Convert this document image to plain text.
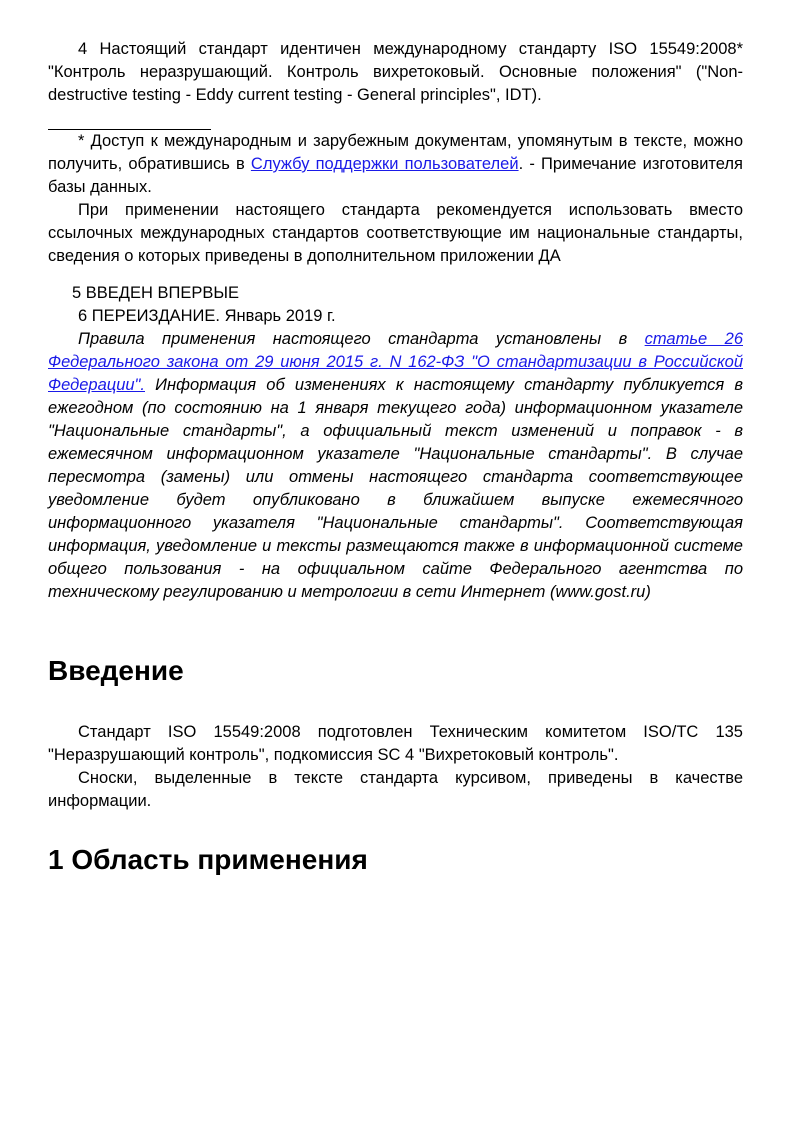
4 Настоящий стандарт идентичен международному стандарту ISO 15549:2008* "Контроль неразрушающий. Контроль вихретоковый. Основные положения" ("Non-destructive testing - Eddy current testing - General principles", IDT).

* Доступ к международным и зарубежным документам, упомянутым в тексте, можно получить, обратившись в Службу поддержки пользователей. - Примечание изготовителя базы данных.

При применении настоящего стандарта рекомендуется использовать вместо ссылочных международных стандартов соответствующие им национальные стандарты, сведения о которых приведены в дополнительном приложении ДА

5 ВВЕДЕН ВПЕРВЫЕ

6 ПЕРЕИЗДАНИЕ. Январь 2019 г.

Правила применения настоящего стандарта установлены в статье 26 Федерального закона от 29 июня 2015 г. N 162-ФЗ "О стандартизации в Российской Федерации". Информация об изменениях к настоящему стандарту публикуется в ежегодном (по состоянию на 1 января текущего года) информационном указателе "Национальные стандарты", а официальный текст изменений и поправок - в ежемесячном информационном указателе "Национальные стандарты". В случае пересмотра (замены) или отмены настоящего стандарта соответствующее уведомление будет опубликовано в ближайшем выпуске ежемесячного информационного указателя "Национальные стандарты". Соответствующая информация, уведомление и тексты размещаются также в информационной системе общего пользования - на официальном сайте Федерального агентства по техническому регулированию и метрологии в сети Интернет (www.gost.ru)

Введение

Стандарт ISO 15549:2008 подготовлен Техническим комитетом ISO/TC 135 "Неразрушающий контроль", подкомиссия SC 4 "Вихретоковый контроль".

Сноски, выделенные в тексте стандарта курсивом, приведены в качестве информации.

1 Область применения
